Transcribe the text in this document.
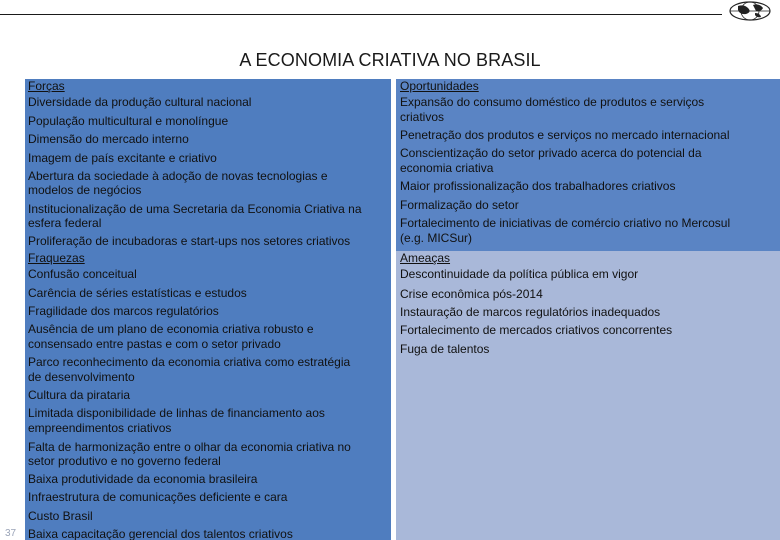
A ECONOMIA CRIATIVA NO BRASIL

Forças

Diversidade da produção cultural nacional

População multicultural e monolíngue

Dimensão do mercado interno

Imagem de país excitante e criativo

Abertura da sociedade à adoção de novas tecnologias e

modelos de negócios

Institucionalização de uma Secretaria da Economia Criativa na

esfera federal

Proliferação de incubadoras e start-ups nos setores criativos

Fraquezas

Confusão conceitual

Carência de séries estatísticas e estudos

Fragilidade dos marcos regulatórios

Ausência de um plano de economia criativa robusto e

consensado entre pastas e com o setor privado

Parco reconhecimento da economia criativa como estratégia

de desenvolvimento

Cultura da pirataria

Limitada disponibilidade de linhas de financiamento aos

empreendimentos criativos

Falta de harmonização entre o olhar da economia criativa no

setor produtivo e no governo federal

Baixa produtividade da economia brasileira

Infraestrutura de comunicações deficiente e cara

Custo Brasil

Baixa capacitação gerencial dos talentos criativos

Oportunidades

Expansão do consumo doméstico de produtos e serviços

criativos

Penetração dos produtos e serviços no mercado internacional

Conscientização do setor privado acerca do potencial da

economia criativa

Maior profissionalização dos trabalhadores criativos

Formalização do setor

Fortalecimento de iniciativas de comércio criativo no Mercosul

(e.g. MICSur)

Ameaças

Descontinuidade da política pública em vigor

Crise econômica pós-2014

Instauração de marcos regulatórios inadequados

Fortalecimento de mercados criativos concorrentes

Fuga de talentos

37
